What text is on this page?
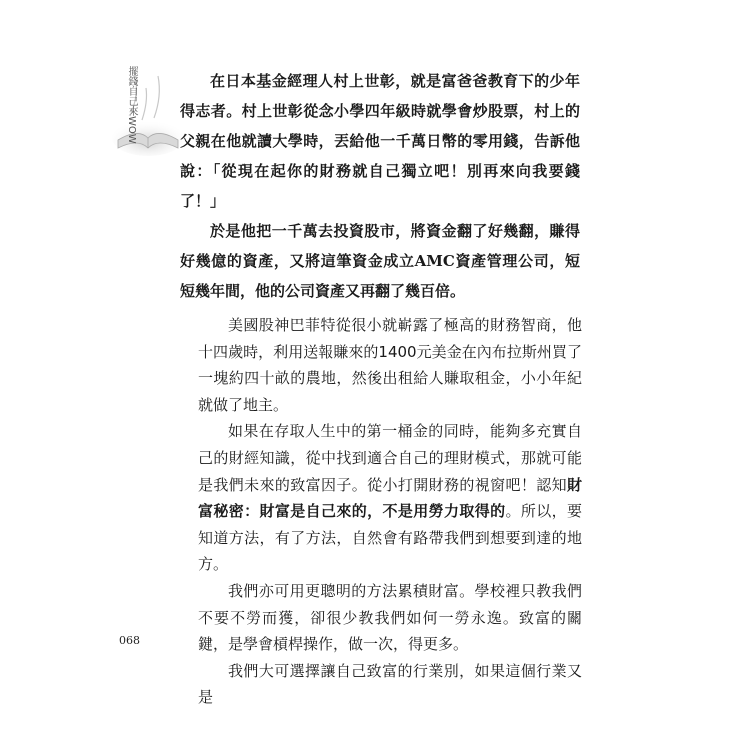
擺錢自己來WOW	在日本基金經理人村上世彰，就是富爸爸教育下的少年得志者。村上世彰從念小學四年級時就學會炒股票，村上的父親在他就讀大學時，丟給他一千萬日幣的零用錢，告訴他說：「從現在起你的財務就自己獨立吧！別再來向我要錢了！」

於是他把一千萬去投資股市，將資金翻了好幾翻，賺得好幾億的資產，又將這筆資金成立AMC資產管理公司，短短幾年間，他的公司資產又再翻了幾百倍。

美國股神巴菲特從很小就嶄露了極高的財務智商，他十四歲時，利用送報賺來的1400元美金在內布拉斯州買了一塊約四十畝的農地，然後出租給人賺取租金，小小年紀就做了地主。

如果在存取人生中的第一桶金的同時，能夠多充實自己的財經知識，從中找到適合自己的理財模式，那就可能是我們未來的致富因子。從小打開財務的視窗吧！認知財富秘密：財富是自己來的，不是用勞力取得的。所以，要知道方法，有了方法，自然會有路帶我們到想要到達的地方。

我們亦可用更聰明的方法累積財富。學校裡只教我們不要不勞而獲，卻很少教我們如何一勞永逸。致富的關鍵，是學會槓桿操作，做一次，得更多。

我們大可選擇讓自己致富的行業別，如果這個行業又是

068
